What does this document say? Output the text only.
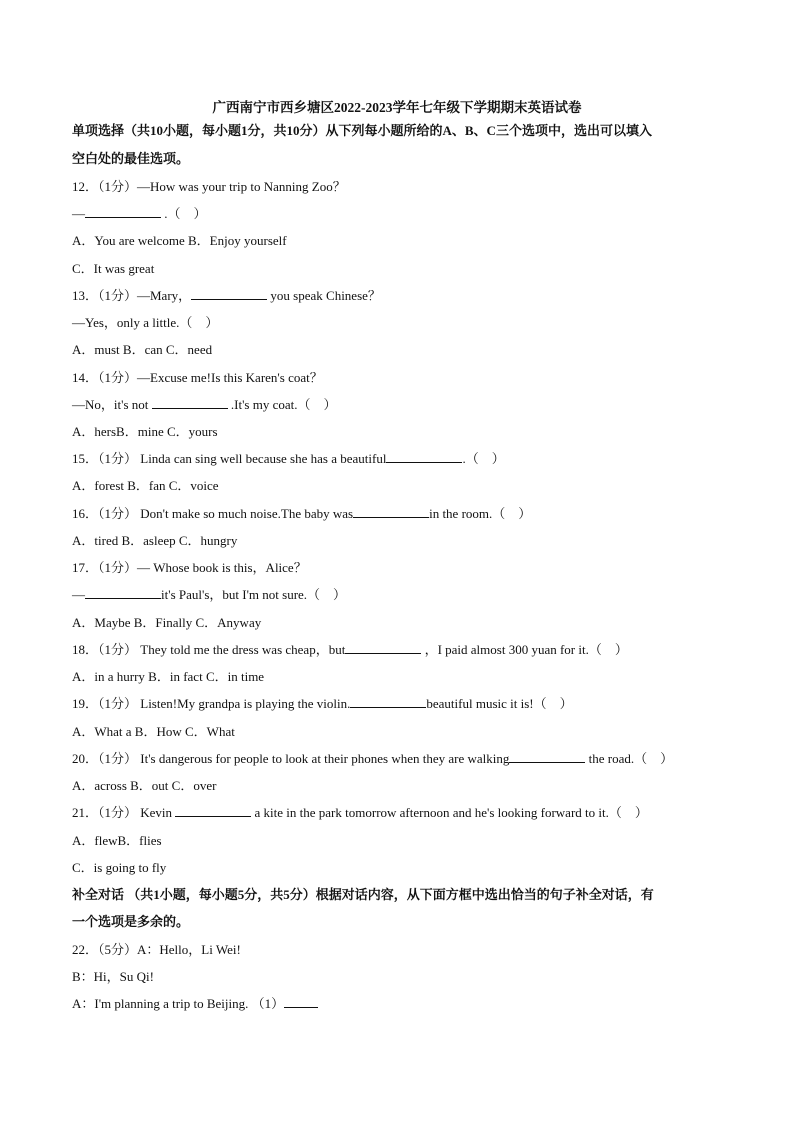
广西南宁市西乡塘区2022-2023学年七年级下学期期末英语试卷
单项选择（共10小题，每小题1分，共10分）从下列每小题所给的A、B、C三个选项中，选出可以填入
空白处的最佳选项。
12．（1分）—How was your trip to Nanning Zoo？
—	.（　）
A．You are welcome B．Enjoy yourself
C．It was great
13．（1分）—Mary，	you speak Chinese？
—Yes，only a little.（　）
A．must B．can C．need
14．（1分）—Excuse me!Is this Karen's coat？
—No，it's not	.It's my coat.（　）
A．hersB．mine C．yours
15．（1分） Linda can sing well because she has a beautiful	.（　）
A．forest B．fan C．voice
16．（1分） Don't make so much noise.The baby was	in the room.（　）
A．tired B．asleep C．hungry
17．（1分）— Whose book is this，Alice？
—	it's Paul's，but I'm not sure.（　）
A．Maybe B．Finally C．Anyway
18．（1分） They told me the dress was cheap，but	，I paid almost 300 yuan for it.（　）
A．in a hurry B．in fact C．in time
19．（1分） Listen!My grandpa is playing the violin.	beautiful music it is!（　）
A．What a B．How C．What
20．（1分） It's dangerous for people to look at their phones when they are walking	the road.（　）
A．across B．out C．over
21．（1分） Kevin	a kite in the park tomorrow afternoon and he's looking forward to it.（　）
A．flewB．flies
C．is going to fly
补全对话 （共1小题，每小题5分，共5分）根据对话内容，从下面方框中选出恰当的句子补全对话，有
一个选项是多余的。
22．（5分）A：Hello，Li Wei!
B：Hi，Su Qi!
A：I'm planning a trip to Beijing. （1）
